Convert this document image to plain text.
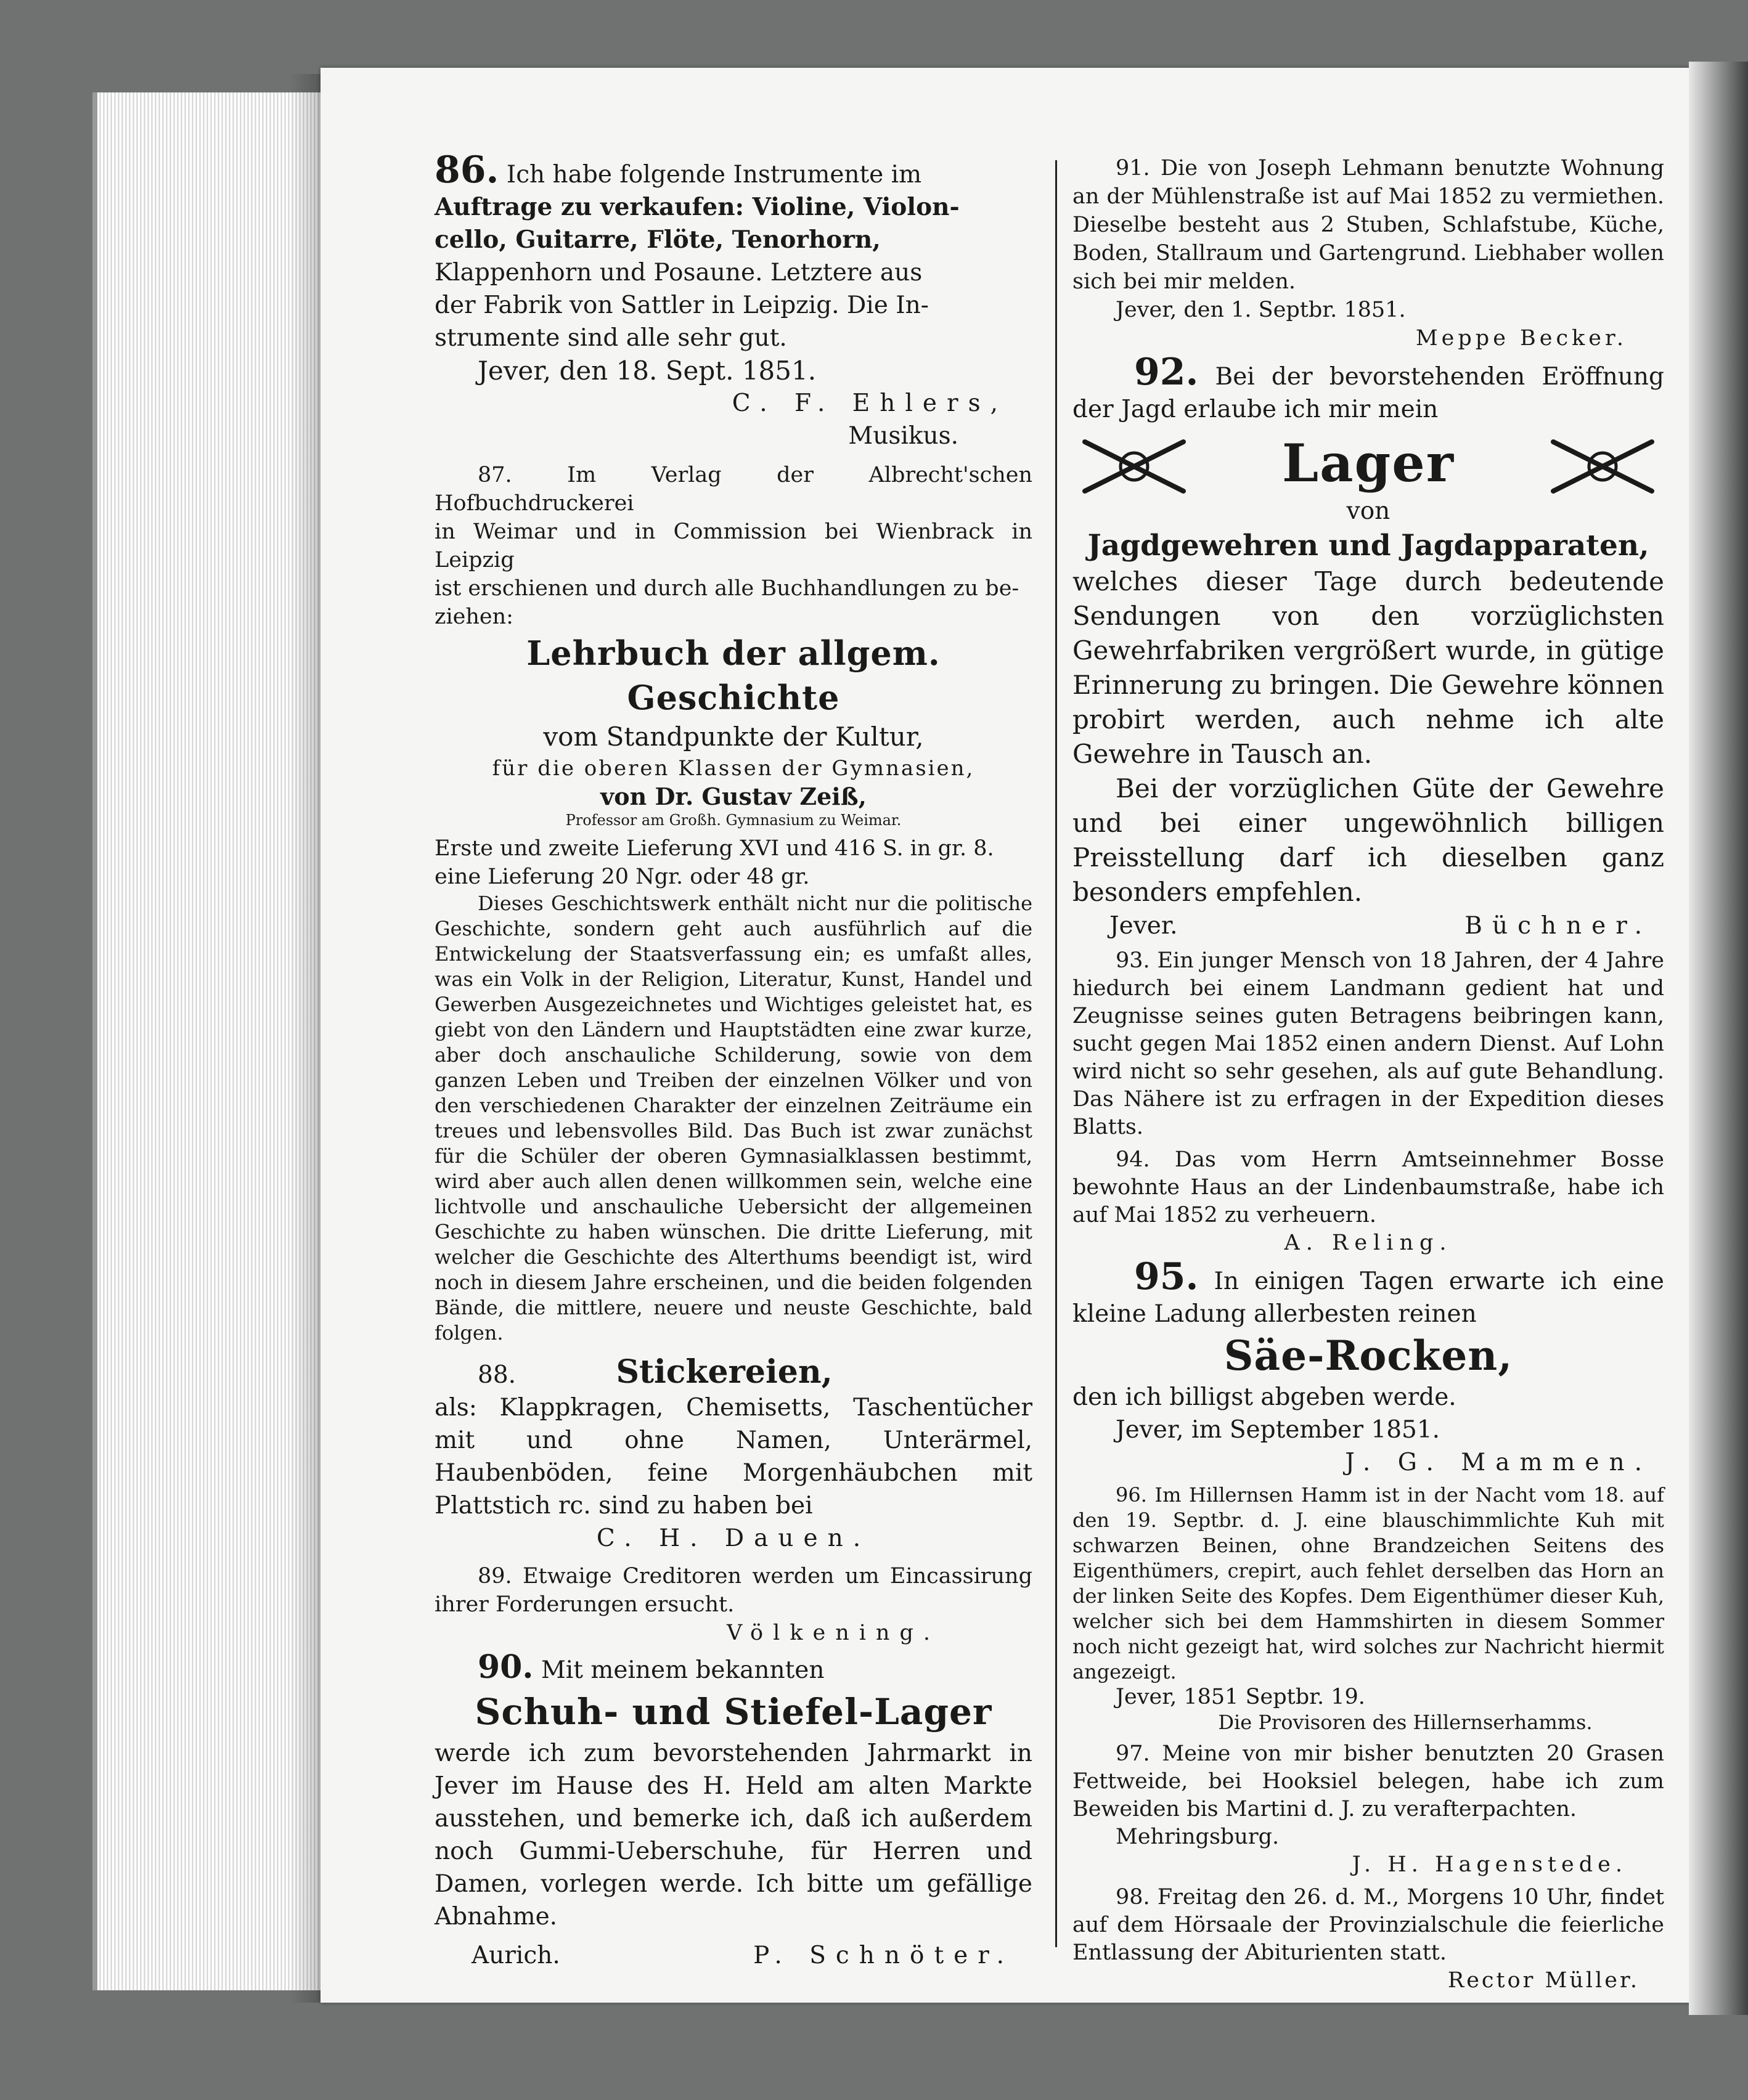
86. Ich habe folgende Instrumente im

Auftrage zu verkaufen: Violine, Violon-

cello, Guitarre, Flöte, Tenorhorn,

Klappenhorn und Posaune. Letztere aus

der Fabrik von Sattler in Leipzig. Die In-

strumente sind alle sehr gut.

Jever, den 18. Sept. 1851.

C. F. Ehlers,

Musikus.

87. Im Verlag der Albrecht'schen Hofbuchdruckerei

in Weimar und in Commission bei Wienbrack in Leipzig

ist erschienen und durch alle Buchhandlungen zu be-

ziehen:

Lehrbuch der allgem. Geschichte

vom Standpunkte der Kultur,

für die oberen Klassen der Gymnasien,

von Dr. Gustav Zeiß,

Professor am Großh. Gymnasium zu Weimar.

Erste und zweite Lieferung XVI und 416 S. in gr. 8.

eine Lieferung 20 Ngr. oder 48 gr.

Dieses Geschichtswerk enthält nicht nur die politische Geschichte, sondern geht auch ausführlich auf die Entwickelung der Staatsverfassung ein; es umfaßt alles, was ein Volk in der Religion, Literatur, Kunst, Handel und Gewerben Ausgezeichnetes und Wichtiges geleistet hat, es giebt von den Ländern und Hauptstädten eine zwar kurze, aber doch anschauliche Schilderung, sowie von dem ganzen Leben und Treiben der einzelnen Völker und von den verschiedenen Charakter der einzelnen Zeiträume ein treues und lebensvolles Bild. Das Buch ist zwar zunächst für die Schüler der oberen Gymnasialklassen bestimmt, wird aber auch allen denen willkommen sein, welche eine lichtvolle und anschauliche Uebersicht der allgemeinen Geschichte zu haben wünschen. Die dritte Lieferung, mit welcher die Geschichte des Alterthums beendigt ist, wird noch in diesem Jahre erscheinen, und die beiden folgenden Bände, die mittlere, neuere und neuste Geschichte, bald folgen.

88.	Stickereien,

als: Klappkragen, Chemisetts, Taschentücher mit und ohne Namen, Unterärmel, Haubenböden, feine Morgenhäubchen mit Plattstich rc. sind zu haben bei

C. H. Dauen.

89. Etwaige Creditoren werden um Eincassirung ihrer Forderungen ersucht.

Völkening.

90. Mit meinem bekannten

Schuh- und Stiefel-Lager

werde ich zum bevorstehenden Jahrmarkt in Jever im Hause des H. Held am alten Markte ausstehen, und bemerke ich, daß ich außerdem noch Gummi-Ueberschuhe, für Herren und Damen, vorlegen werde. Ich bitte um gefällige Abnahme.

Aurich.	P. Schnöter.

91. Die von Joseph Lehmann benutzte Wohnung an der Mühlenstraße ist auf Mai 1852 zu vermiethen. Dieselbe besteht aus 2 Stuben, Schlafstube, Küche, Boden, Stallraum und Gartengrund. Liebhaber wollen sich bei mir melden.

Jever, den 1. Septbr. 1851.

Meppe Becker.

92. Bei der bevorstehenden Eröffnung der Jagd erlaube ich mir mein

Lager

von

Jagdgewehren und Jagdapparaten,

welches dieser Tage durch bedeutende Sendungen von den vorzüglichsten Gewehrfabriken vergrößert wurde, in gütige Erinnerung zu bringen. Die Gewehre können probirt werden, auch nehme ich alte Gewehre in Tausch an.

Bei der vorzüglichen Güte der Gewehre und bei einer ungewöhnlich billigen Preisstellung darf ich dieselben ganz besonders empfehlen.

Jever.	Büchner.

93. Ein junger Mensch von 18 Jahren, der 4 Jahre hiedurch bei einem Landmann gedient hat und Zeugnisse seines guten Betragens beibringen kann, sucht gegen Mai 1852 einen andern Dienst. Auf Lohn wird nicht so sehr gesehen, als auf gute Behandlung. Das Nähere ist zu erfragen in der Expedition dieses Blatts.

94. Das vom Herrn Amtseinnehmer Bosse bewohnte Haus an der Lindenbaumstraße, habe ich auf Mai 1852 zu verheuern.

A. Reling.

95. In einigen Tagen erwarte ich eine kleine Ladung allerbesten reinen

Säe-Rocken,

den ich billigst abgeben werde.

Jever, im September 1851.

J. G. Mammen.

96. Im Hillernsen Hamm ist in der Nacht vom 18. auf den 19. Septbr. d. J. eine blauschimmlichte Kuh mit schwarzen Beinen, ohne Brandzeichen Seitens des Eigenthümers, crepirt, auch fehlet derselben das Horn an der linken Seite des Kopfes. Dem Eigenthümer dieser Kuh, welcher sich bei dem Hammshirten in diesem Sommer noch nicht gezeigt hat, wird solches zur Nachricht hiermit angezeigt.

Jever, 1851 Septbr. 19.

Die Provisoren des Hillernserhamms.

97. Meine von mir bisher benutzten 20 Grasen Fettweide, bei Hooksiel belegen, habe ich zum Beweiden bis Martini d. J. zu verafterpachten.

Mehringsburg.

J. H. Hagenstede.

98. Freitag den 26. d. M., Morgens 10 Uhr, findet auf dem Hörsaale der Provinzialschule die feierliche Entlassung der Abiturienten statt.

Rector Müller.
